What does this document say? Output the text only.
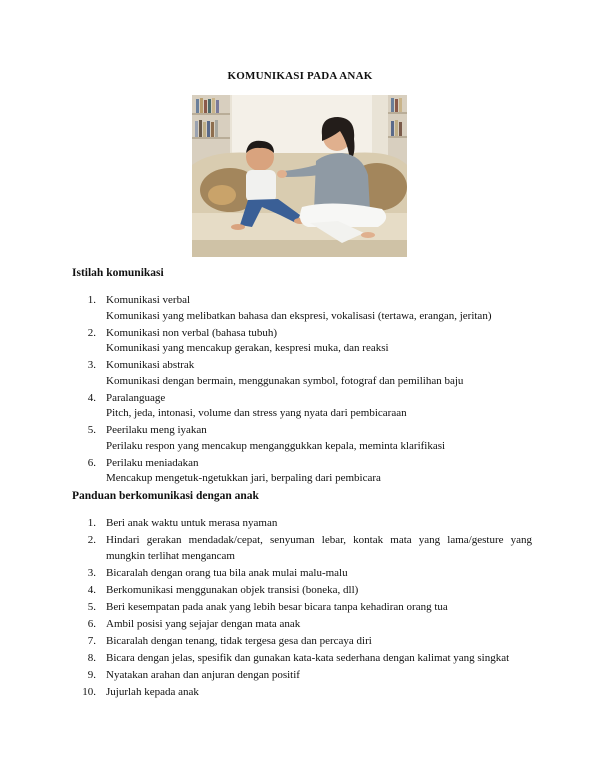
KOMUNIKASI PADA ANAK
Istilah komunikasi
1. Komunikasi verbal
Komunikasi yang melibatkan bahasa dan ekspresi, vokalisasi (tertawa, erangan, jeritan)
2. Komunikasi non verbal (bahasa tubuh)
Komunikasi yang mencakup gerakan, kespresi muka, dan reaksi
3. Komunikasi abstrak
Komunikasi dengan bermain, menggunakan symbol, fotograf dan pemilihan baju
4. Paralanguage
Pitch, jeda, intonasi, volume dan stress yang nyata dari pembicaraan
5. Peerilaku meng iyakan
Perilaku respon yang mencakup menganggukkan kepala, meminta klarifikasi
6. Perilaku meniadakan
Mencakup mengetuk-ngetukkan jari, berpaling dari pembicara
Panduan berkomunikasi dengan anak
1. Beri anak waktu untuk merasa nyaman
2. Hindari gerakan mendadak/cepat, senyuman lebar, kontak mata yang lama/gesture yang mungkin terlihat mengancam
3. Bicaralah dengan orang tua bila anak mulai malu-malu
4. Berkomunikasi menggunakan objek transisi (boneka, dll)
5. Beri kesempatan pada anak yang lebih besar bicara tanpa kehadiran orang tua
6. Ambil posisi yang sejajar dengan mata anak
7. Bicaralah dengan tenang, tidak tergesa gesa dan percaya diri
8. Bicara dengan jelas, spesifik dan gunakan kata-kata sederhana dengan kalimat yang singkat
9. Nyatakan arahan dan anjuran dengan positif
10. Jujurlah kepada anak
